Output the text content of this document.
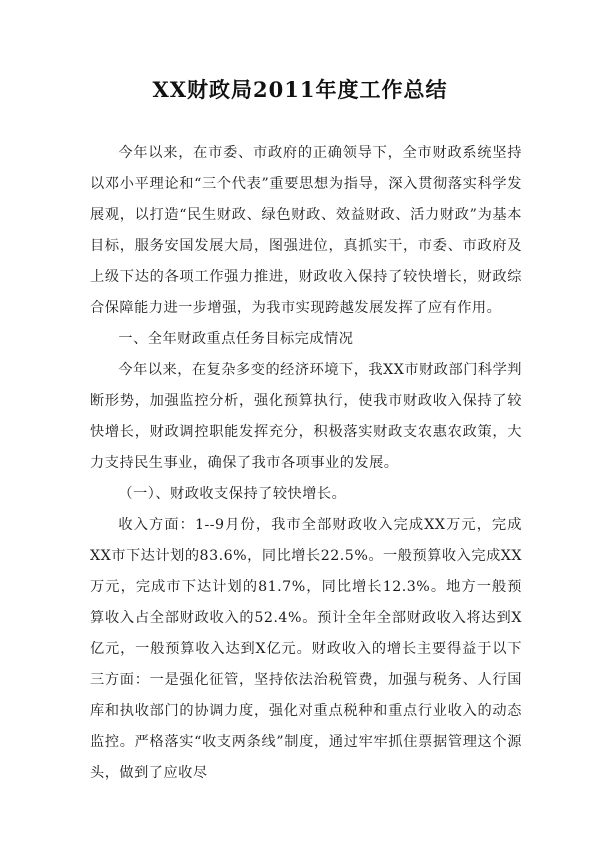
XX财政局2011年度工作总结

今年以来，在市委、市政府的正确领导下，全市财政系统坚持以邓小平理论和“三个代表”重要思想为指导，深入贯彻落实科学发展观，以打造“民生财政、绿色财政、效益财政、活力财政”为基本目标，服务安国发展大局，图强进位，真抓实干，市委、市政府及上级下达的各项工作强力推进，财政收入保持了较快增长，财政综合保障能力进一步增强，为我市实现跨越发展发挥了应有作用。

一、全年财政重点任务目标完成情况

今年以来，在复杂多变的经济环境下，我XX市财政部门科学判断形势，加强监控分析，强化预算执行，使我市财政收入保持了较快增长，财政调控职能发挥充分，积极落实财政支农惠农政策，大力支持民生事业，确保了我市各项事业的发展。

（一）、财政收支保持了较快增长。

收入方面：1--9月份，我市全部财政收入完成XX万元，完成XX市下达计划的83.6%，同比增长22.5%。一般预算收入完成XX万元，完成市下达计划的81.7%，同比增长12.3%。地方一般预算收入占全部财政收入的52.4%。预计全年全部财政收入将达到X亿元，一般预算收入达到X亿元。财政收入的增长主要得益于以下三方面：一是强化征管，坚持依法治税管费，加强与税务、人行国库和执收部门的协调力度，强化对重点税种和重点行业收入的动态监控。严格落实“收支两条线”制度，通过牢牢抓住票据管理这个源头，做到了应收尽
